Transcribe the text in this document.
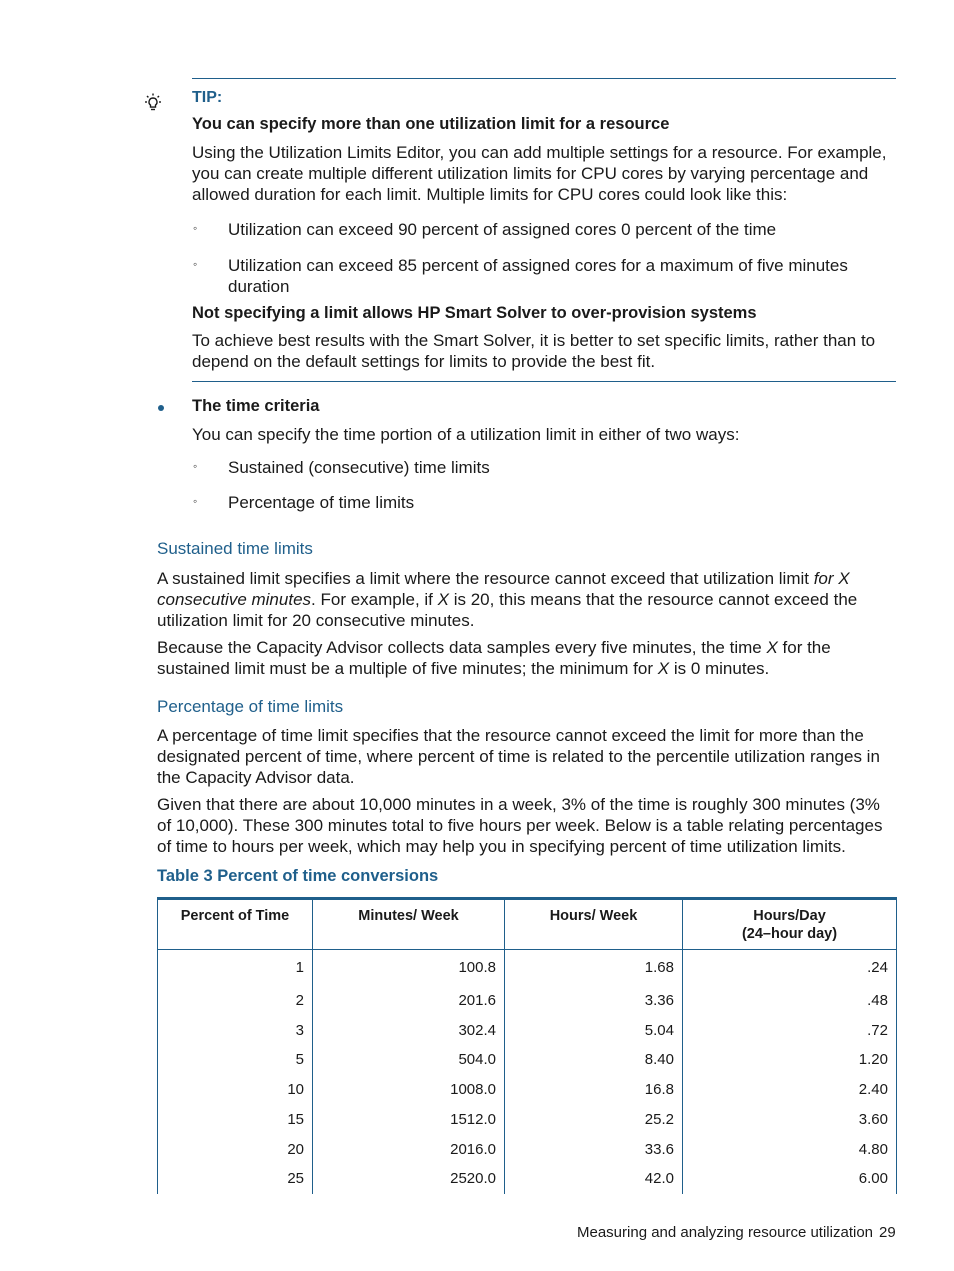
TIP:
You can specify more than one utilization limit for a resource
Using the Utilization Limits Editor, you can add multiple settings for a resource. For example, you can create multiple different utilization limits for CPU cores by varying percentage and allowed duration for each limit. Multiple limits for CPU cores could look like this:
◦ Utilization can exceed 90 percent of assigned cores 0 percent of the time
◦ Utilization can exceed 85 percent of assigned cores for a maximum of five minutes duration
Not specifying a limit allows HP Smart Solver to over-provision systems
To achieve best results with the Smart Solver, it is better to set specific limits, rather than to depend on the default settings for limits to provide the best fit.
The time criteria
You can specify the time portion of a utilization limit in either of two ways:
◦ Sustained (consecutive) time limits
◦ Percentage of time limits
Sustained time limits
A sustained limit specifies a limit where the resource cannot exceed that utilization limit for X consecutive minutes. For example, if X is 20, this means that the resource cannot exceed the utilization limit for 20 consecutive minutes.
Because the Capacity Advisor collects data samples every five minutes, the time X for the sustained limit must be a multiple of five minutes; the minimum for X is 0 minutes.
Percentage of time limits
A percentage of time limit specifies that the resource cannot exceed the limit for more than the designated percent of time, where percent of time is related to the percentile utilization ranges in the Capacity Advisor data.
Given that there are about 10,000 minutes in a week, 3% of the time is roughly 300 minutes (3% of 10,000). These 300 minutes total to five hours per week. Below is a table relating percentages of time to hours per week, which may help you in specifying percent of time utilization limits.
Table 3 Percent of time conversions
Percent of Time	Minutes/ Week	Hours/ Week	Hours/Day
(24–hour day)

1	100.8	1.68	.24
2	201.6	3.36	.48
3	302.4	5.04	.72
5	504.0	8.40	1.20
10	1008.0	16.8	2.40
15	1512.0	25.2	3.60
20	2016.0	33.6	4.80
25	2520.0	42.0	6.00
Measuring and analyzing resource utilization 29
